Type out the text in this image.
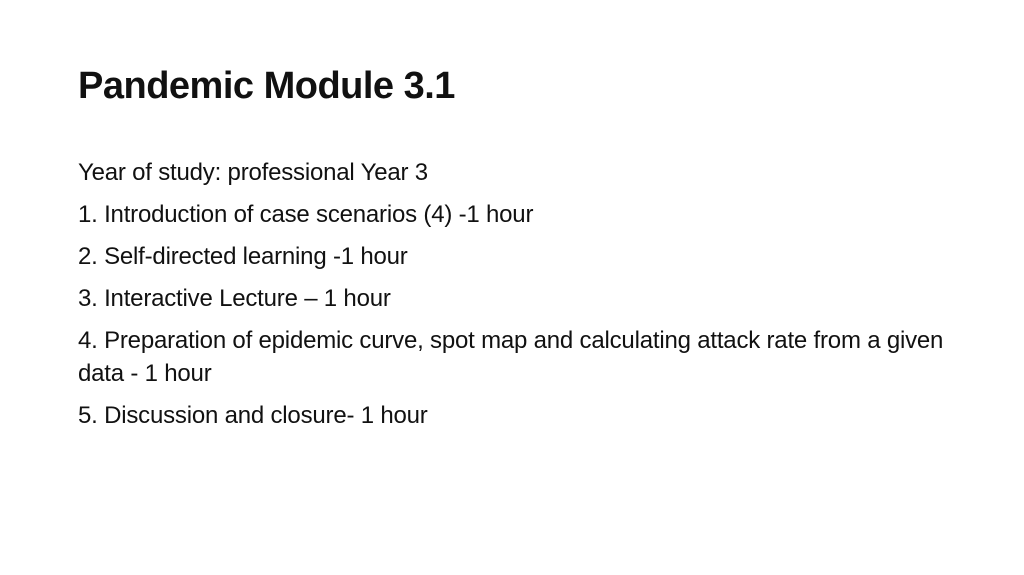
Pandemic Module 3.1
Year of study: professional Year 3
1. Introduction of case scenarios (4) -1 hour
2. Self-directed learning -1 hour
3. Interactive Lecture – 1 hour
4. Preparation of epidemic curve, spot map and calculating attack rate from a given data - 1 hour
5. Discussion and closure- 1 hour
